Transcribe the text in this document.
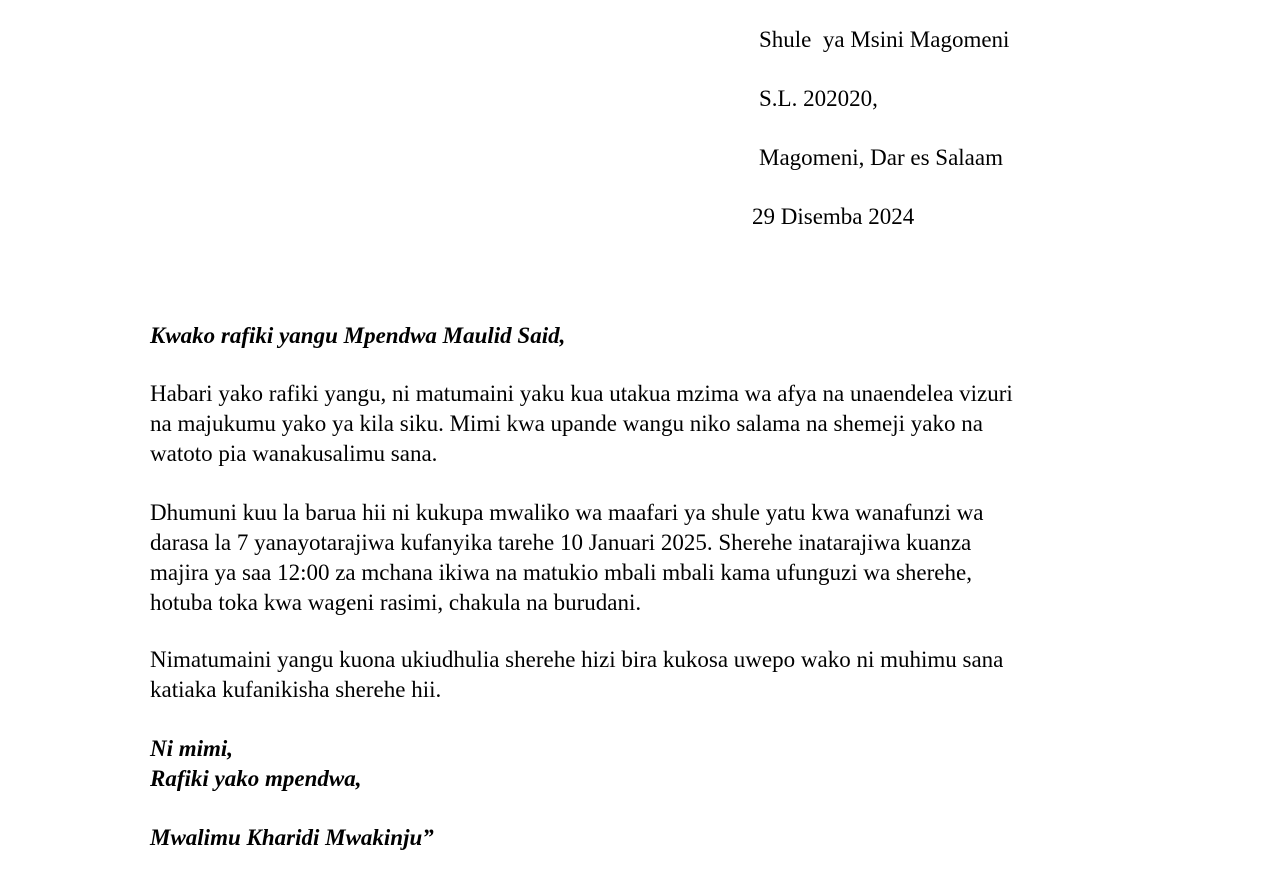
Shule  ya Msini Magomeni
S.L. 202020,
Magomeni, Dar es Salaam
29 Disemba 2024
Kwako rafiki yangu Mpendwa Maulid Said,
Habari yako rafiki yangu, ni matumaini yaku kua utakua mzima wa afya na unaendelea vizuri
na majukumu yako ya kila siku. Mimi kwa upande wangu niko salama na shemeji yako na
watoto pia wanakusalimu sana.
Dhumuni kuu la barua hii ni kukupa mwaliko wa maafari ya shule yatu kwa wanafunzi wa
darasa la 7 yanayotarajiwa kufanyika tarehe 10 Januari 2025. Sherehe inatarajiwa kuanza
majira ya saa 12:00 za mchana ikiwa na matukio mbali mbali kama ufunguzi wa sherehe,
hotuba toka kwa wageni rasimi, chakula na burudani.
Nimatumaini yangu kuona ukiudhulia sherehe hizi bira kukosa uwepo wako ni muhimu sana
katiaka kufanikisha sherehe hii.
Ni mimi,
Rafiki yako mpendwa,
Mwalimu Kharidi Mwakinju”
